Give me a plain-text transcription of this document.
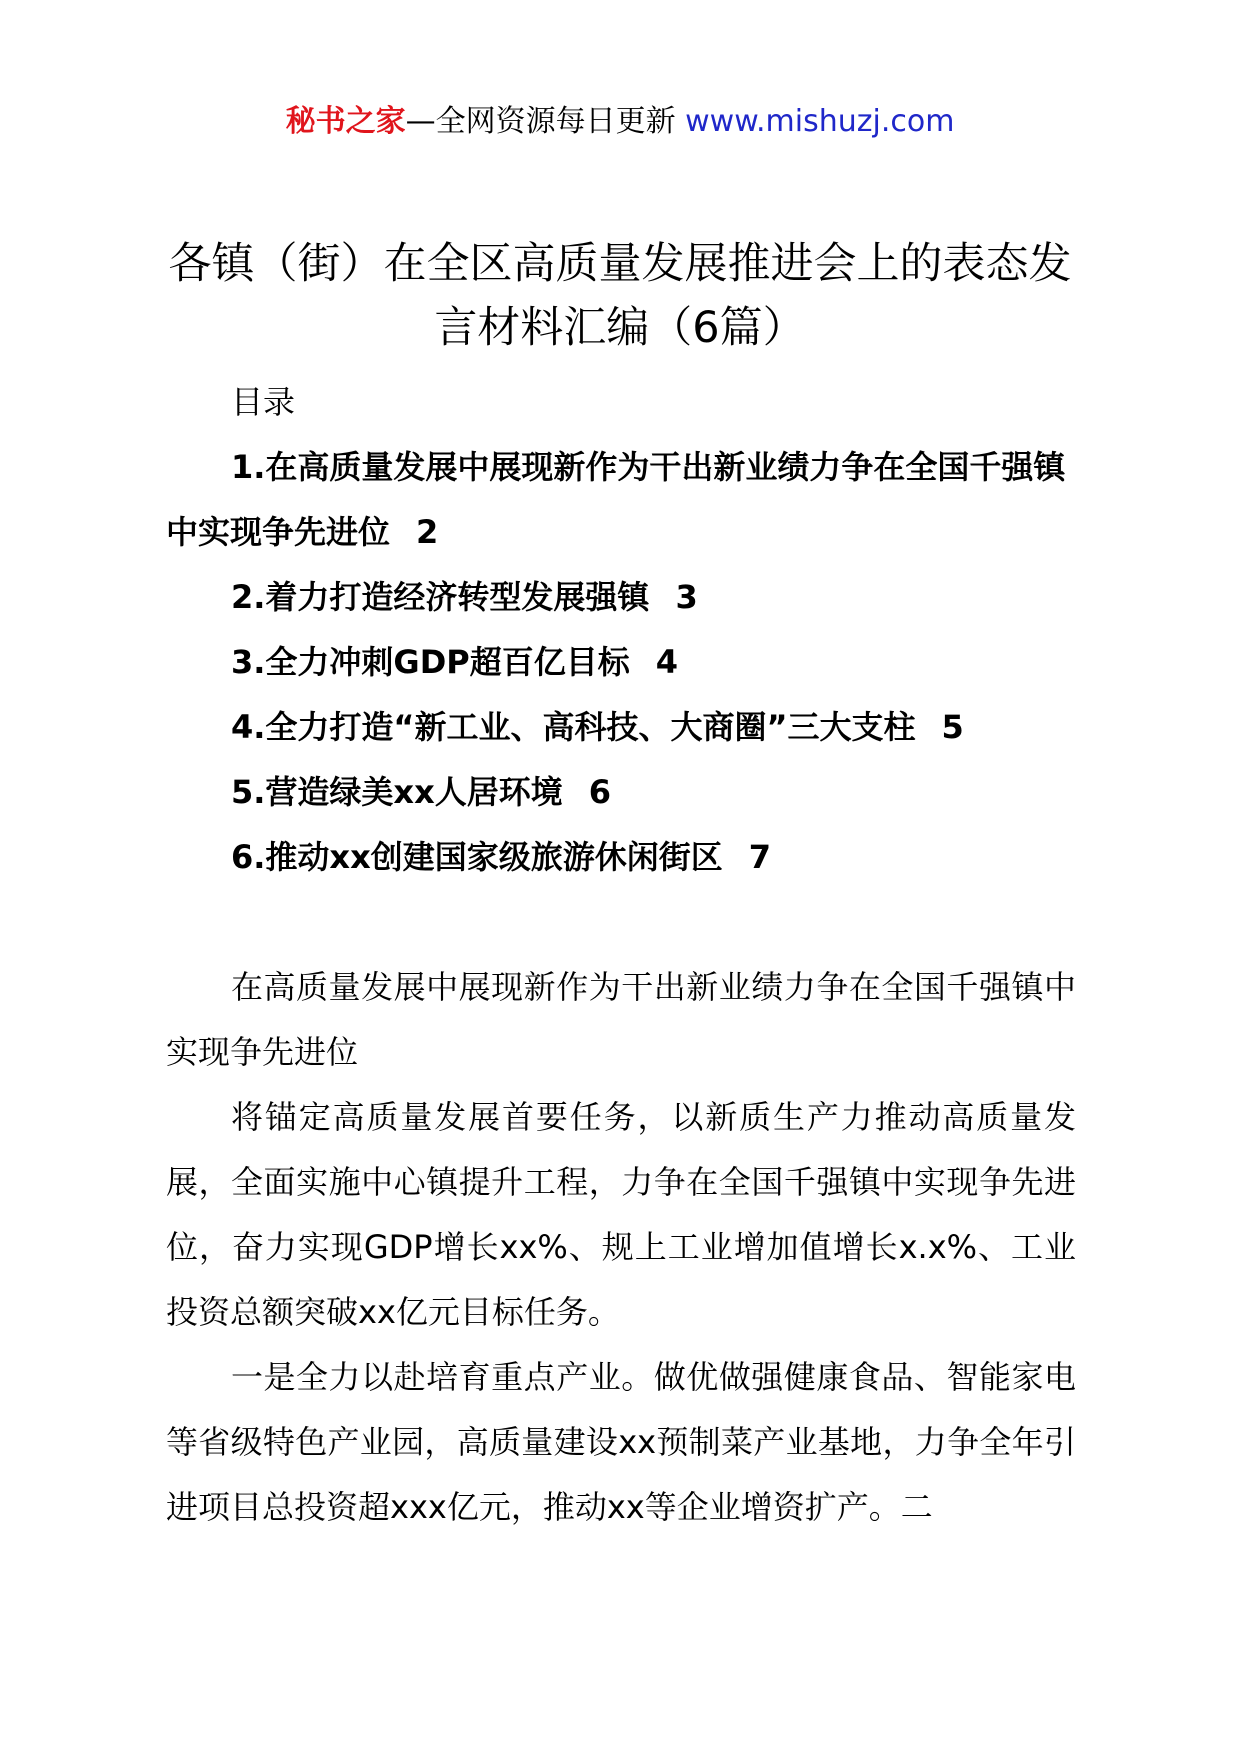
秘书之家—全网资源每日更新 www.mishuzj.com
各镇（街）在全区高质量发展推进会上的表态发言材料汇编（6篇）

目录

1.在高质量发展中展现新作为干出新业绩力争在全国千强镇中实现争先进位 2
2.着力打造经济转型发展强镇 3
3.全力冲刺GDP超百亿目标 4
4.全力打造“新工业、高科技、大商圈”三大支柱 5
5.营造绿美xx人居环境 6
6.推动xx创建国家级旅游休闲街区 7

在高质量发展中展现新作为干出新业绩力争在全国千强镇中实现争先进位

将锚定高质量发展首要任务，以新质生产力推动高质量发展，全面实施中心镇提升工程，力争在全国千强镇中实现争先进位，奋力实现GDP增长xx%、规上工业增加值增长x.x%、工业投资总额突破xx亿元目标任务。

一是全力以赴培育重点产业。做优做强健康食品、智能家电等省级特色产业园，高质量建设xx预制菜产业基地，力争全年引进项目总投资超xxx亿元，推动xx等企业增资扩产。二
